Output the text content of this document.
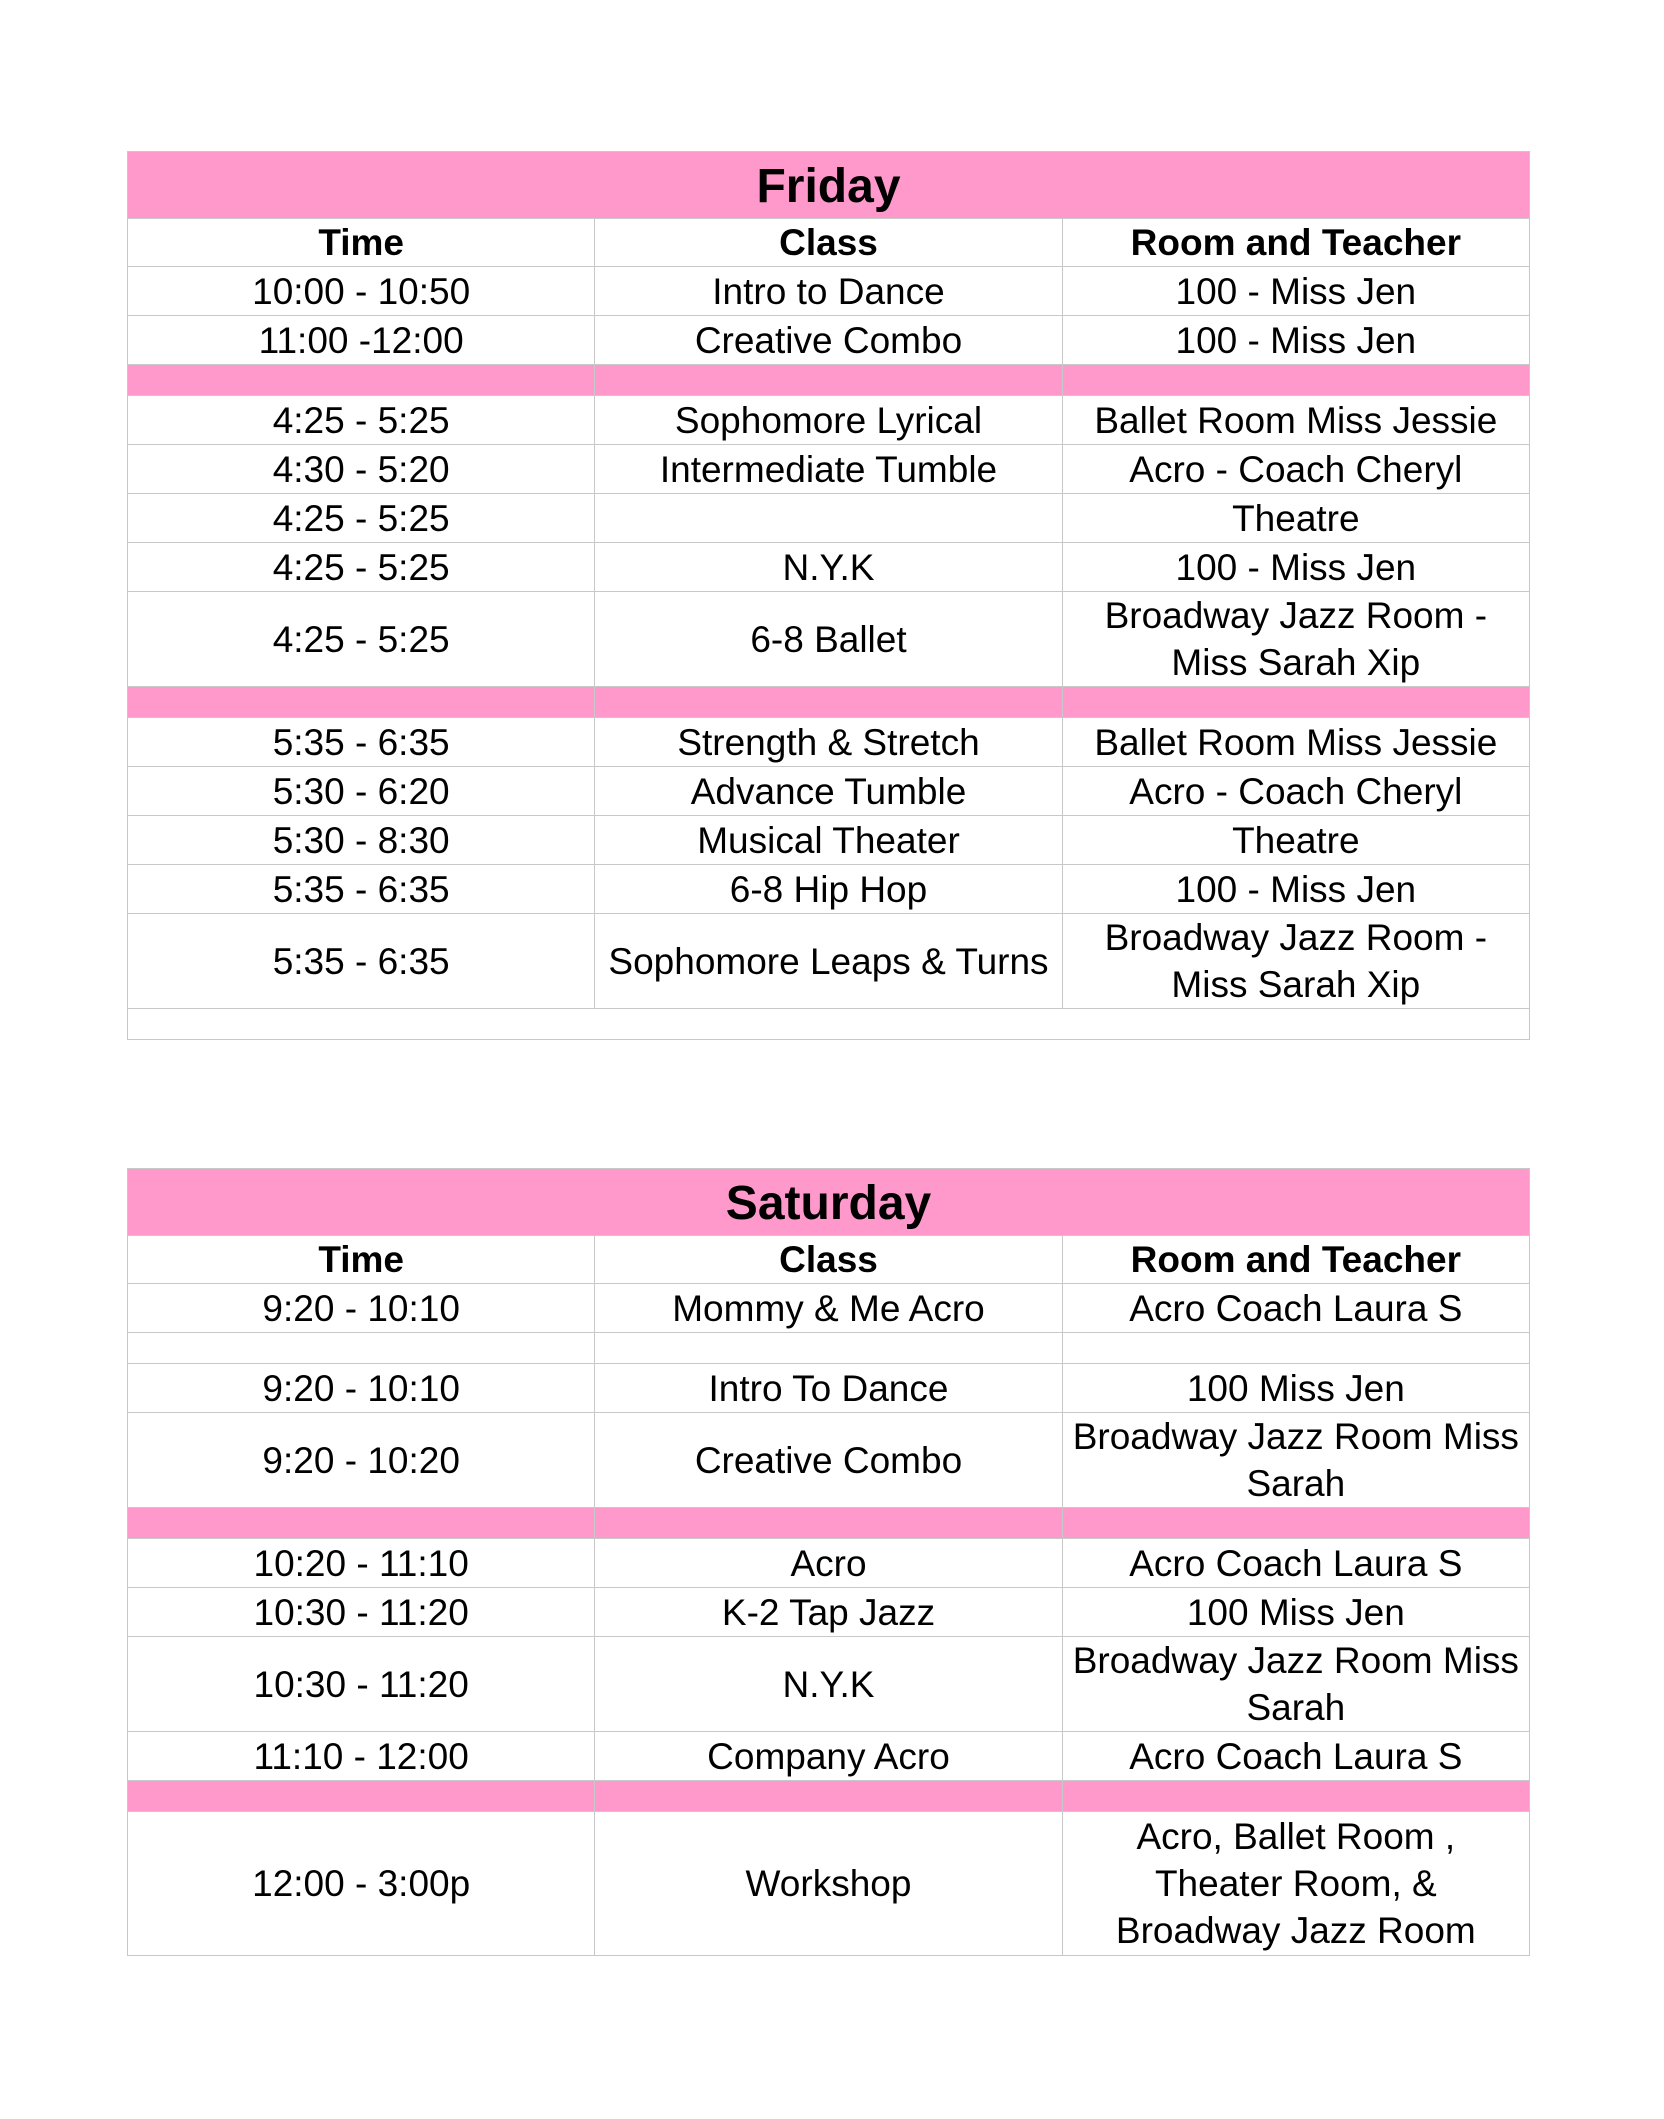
Friday		
Time	Class	Room and Teacher
10:00 - 10:50	Intro to Dance	100 - Miss Jen
11:00 -12:00	Creative Combo	100 - Miss Jen

4:25 - 5:25	Sophomore Lyrical	Ballet Room Miss Jessie
4:30 - 5:20	Intermediate Tumble	Acro - Coach Cheryl
4:25 - 5:25		Theatre
4:25 - 5:25	N.Y.K	100 - Miss Jen
4:25 - 5:25	6-8 Ballet	Broadway Jazz Room - Miss Sarah Xip

5:35 - 6:35	Strength & Stretch	Ballet Room Miss Jessie
5:30 - 6:20	Advance Tumble	Acro - Coach Cheryl
5:30 - 8:30	Musical Theater	Theatre
5:35 - 6:35	6-8 Hip Hop	100 - Miss Jen
5:35 - 6:35	Sophomore Leaps & Turns	Broadway Jazz Room - Miss Sarah Xip

Saturday		
Time	Class	Room and Teacher
9:20 - 10:10	Mommy & Me Acro	Acro Coach Laura S

9:20 - 10:10	Intro To Dance	100 Miss Jen
9:20 - 10:20	Creative Combo	Broadway Jazz Room Miss Sarah

10:20 - 11:10	Acro	Acro Coach Laura S
10:30 - 11:20	K-2 Tap Jazz	100 Miss Jen
10:30 - 11:20	N.Y.K	Broadway Jazz Room Miss Sarah
11:10 - 12:00	Company Acro	Acro Coach Laura S

12:00 - 3:00p	Workshop	Acro, Ballet Room , Theater Room, & Broadway Jazz Room
